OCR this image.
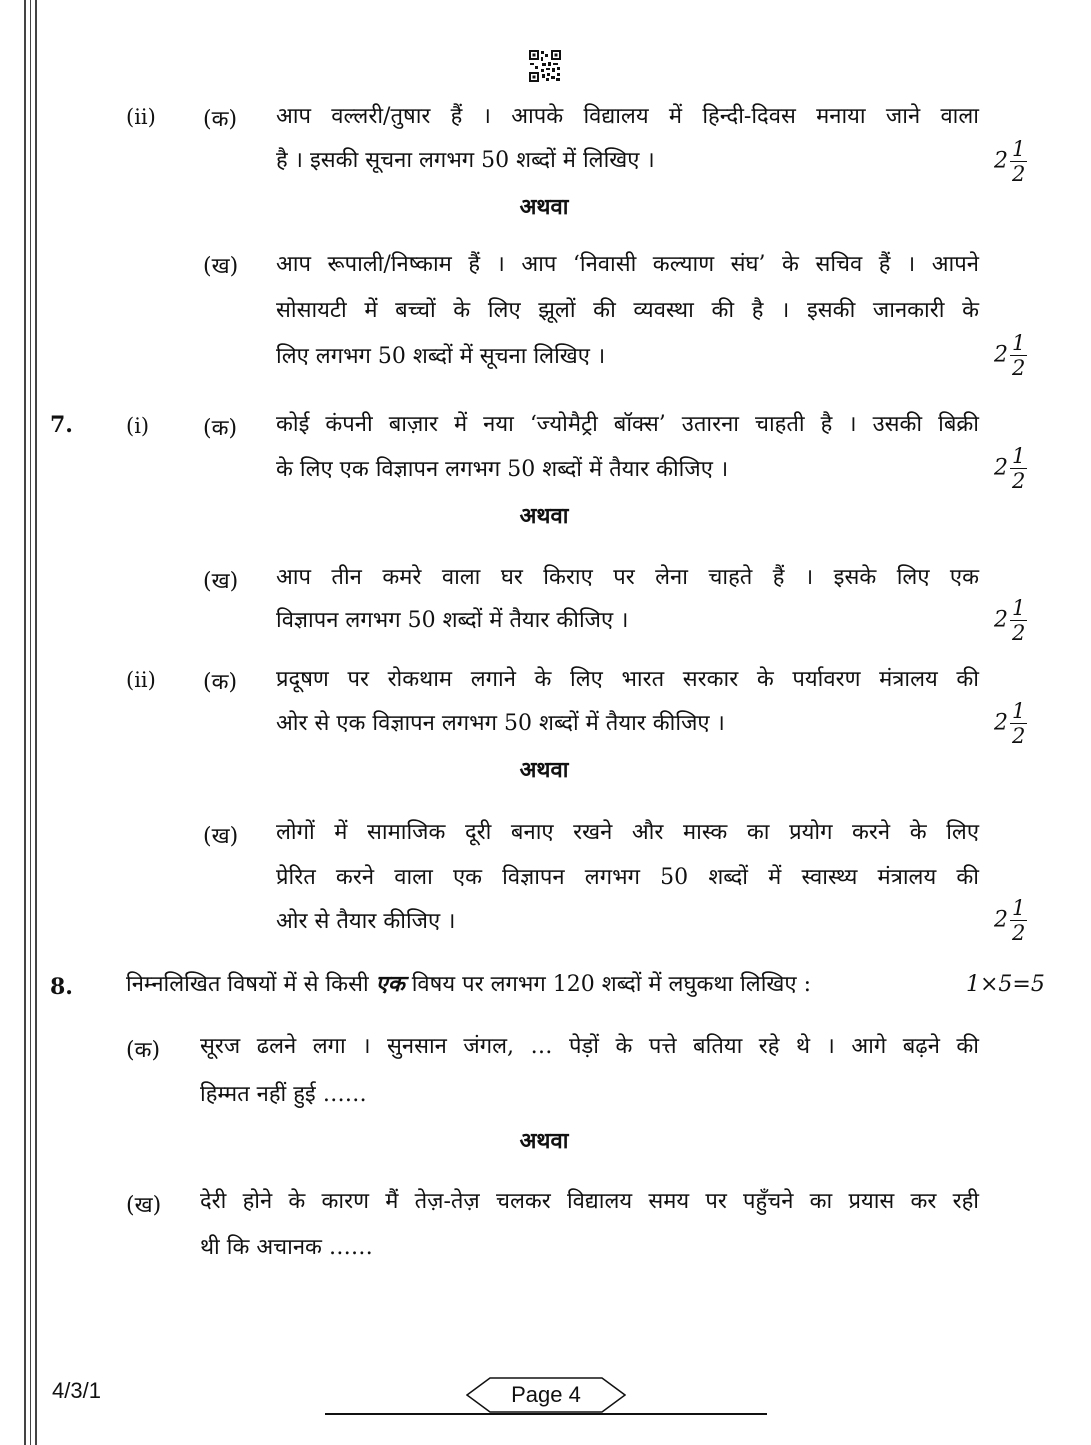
(ii) (क) आप वल्लरी/तुषार हैं । आपके विद्यालय में हिन्दी-दिवस मनाया जाने वाला
है । इसकी सूचना लगभग 50 शब्दों में लिखिए ।	$2 \frac{1}{2}$
अथवा
(ख) आप रूपाली/निष्काम हैं । आप ‘निवासी कल्याण संघ’ के सचिव हैं । आपने
सोसायटी में बच्चों के लिए झूलों की व्यवस्था की है । इसकी जानकारी के
लिए लगभग 50 शब्दों में सूचना लिखिए ।	$2 \frac{1}{2}$
7.	(i) (क) कोई कंपनी बाज़ार में नया ‘ज्योमैट्री बॉक्स’ उतारना चाहती है । उसकी बिक्री
के लिए एक विज्ञापन लगभग 50 शब्दों में तैयार कीजिए ।	$2 \frac{1}{2}$
अथवा
(ख) आप तीन कमरे वाला घर किराए पर लेना चाहते हैं । इसके लिए एक
विज्ञापन लगभग 50 शब्दों में तैयार कीजिए ।	$2 \frac{1}{2}$
(ii) (क) प्रदूषण पर रोकथाम लगाने के लिए भारत सरकार के पर्यावरण मंत्रालय की
ओर से एक विज्ञापन लगभग 50 शब्दों में तैयार कीजिए ।	$2 \frac{1}{2}$
अथवा
(ख) लोगों में सामाजिक दूरी बनाए रखने और मास्क का प्रयोग करने के लिए
प्रेरित करने वाला एक विज्ञापन लगभग 50 शब्दों में स्वास्थ्य मंत्रालय की
ओर से तैयार कीजिए ।	$2 \frac{1}{2}$
8. निम्नलिखित विषयों में से किसी एक विषय पर लगभग 120 शब्दों में लघुकथा लिखिए :	1×5=5
(क) सूरज ढलने लगा । सुनसान जंगल, … पेड़ों के पत्ते बतिया रहे थे । आगे बढ़ने की
हिम्मत नहीं हुई ……
अथवा
(ख) देरी होने के कारण मैं तेज़-तेज़ चलकर विद्यालय समय पर पहुँचने का प्रयास कर रही
थी कि अचानक ……
4/3/1	Page 4
